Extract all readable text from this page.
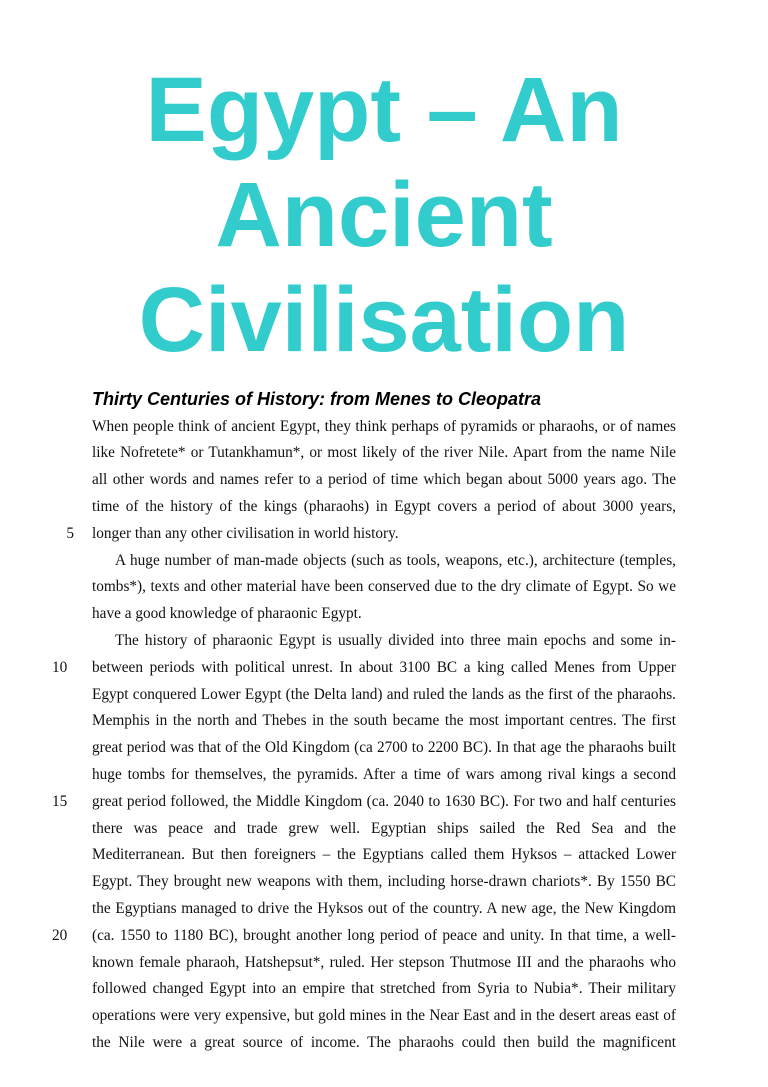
Egypt – An
Ancient
Civilisation
Thirty Centuries of History: from Menes to Cleopatra
When people think of ancient Egypt, they think perhaps of pyramids or pharaohs, or of names
like Nofretete* or Tutankhamun*, or most likely of the river Nile. Apart from the name Nile
all other words and names refer to a period of time which began about 5000 years ago. The
time of the history of the kings (pharaohs) in Egypt covers a period of about 3000 years,
5 longer than any other civilisation in world history.
A huge number of man-made objects (such as tools, weapons, etc.), architecture (temples,
tombs*), texts and other material have been conserved due to the dry climate of Egypt. So we
have a good knowledge of pharaonic Egypt.
The history of pharaonic Egypt is usually divided into three main epochs and some in-
10	between periods with political unrest. In about 3100 BC a king called Menes from Upper
Egypt conquered Lower Egypt (the Delta land) and ruled the lands as the first of the pharaohs.
Memphis in the north and Thebes in the south became the most important centres. The first
great period was that of the Old Kingdom (ca 2700 to 2200 BC). In that age the pharaohs built
huge tombs for themselves, the pyramids. After a time of wars among rival kings a second
15	great period followed, the Middle Kingdom (ca. 2040 to 1630 BC). For two and half centuries
there was peace and trade grew well. Egyptian ships sailed the Red Sea and the
Mediterranean. But then foreigners – the Egyptians called them Hyksos – attacked Lower
Egypt. They brought new weapons with them, including horse-drawn chariots*. By 1550 BC
the Egyptians managed to drive the Hyksos out of the country. A new age, the New Kingdom
20	(ca. 1550 to 1180 BC), brought another long period of peace and unity. In that time, a well-
known female pharaoh, Hatshepsut*, ruled. Her stepson Thutmose III and the pharaohs who
followed changed Egypt into an empire that stretched from Syria to Nubia*. Their military
operations were very expensive, but gold mines in the Near East and in the desert areas east of
the Nile were a great source of income. The pharaohs could then build the magnificent
